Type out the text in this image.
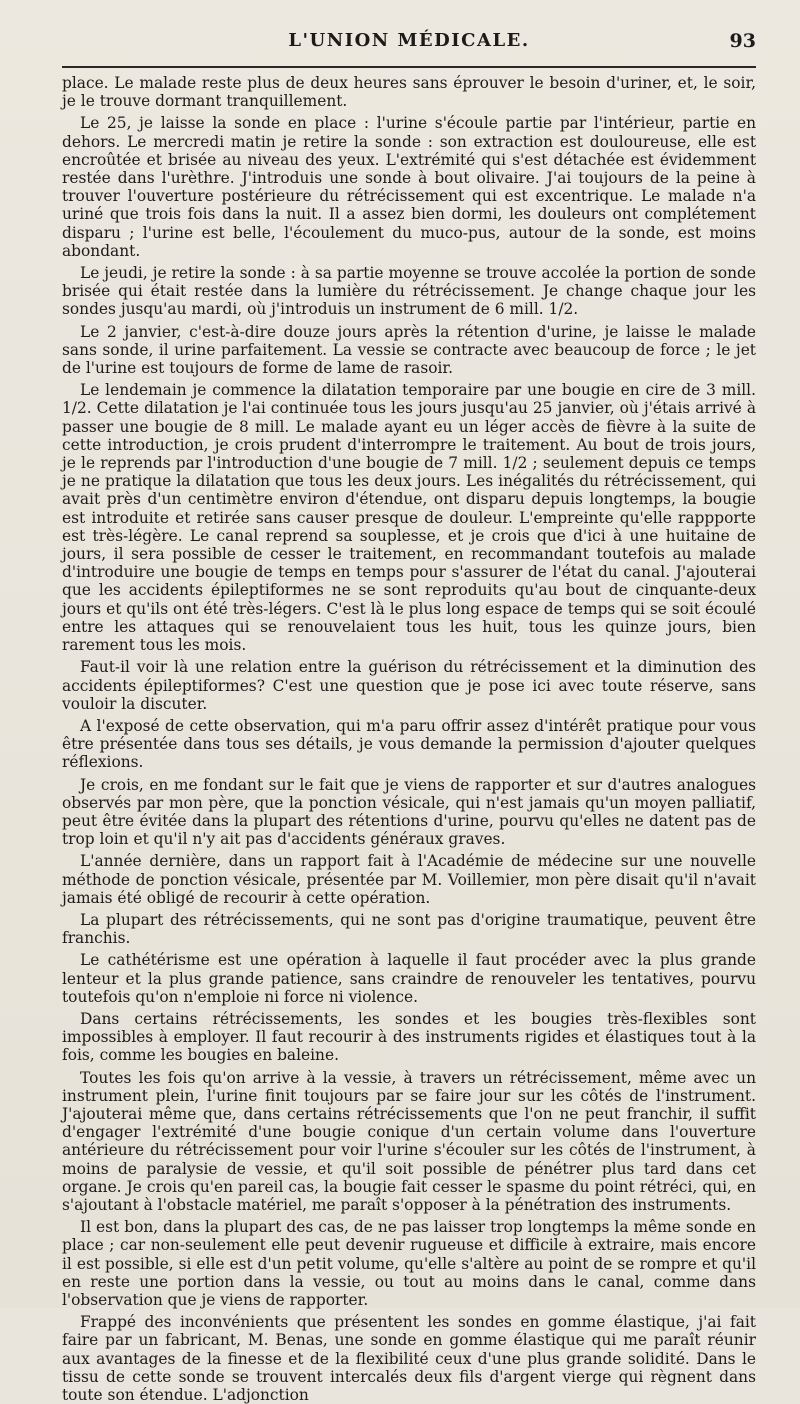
L'UNION MÉDICALE.	93

place. Le malade reste plus de deux heures sans éprouver le besoin d'uriner, et, le soir, je le trouve dormant tranquillement.

Le 25, je laisse la sonde en place : l'urine s'écoule partie par l'intérieur, partie en dehors. Le mercredi matin je retire la sonde : son extraction est douloureuse, elle est encroûtée et brisée au niveau des yeux. L'extrémité qui s'est détachée est évidemment restée dans l'urèthre. J'introduis une sonde à bout olivaire. J'ai toujours de la peine à trouver l'ouverture postérieure du rétrécissement qui est excentrique. Le malade n'a uriné que trois fois dans la nuit. Il a assez bien dormi, les douleurs ont complétement disparu ; l'urine est belle, l'écoulement du muco-pus, autour de la sonde, est moins abondant.

Le jeudi, je retire la sonde : à sa partie moyenne se trouve accolée la portion de sonde brisée qui était restée dans la lumière du rétrécissement. Je change chaque jour les sondes jusqu'au mardi, où j'introduis un instrument de 6 mill. 1/2.

Le 2 janvier, c'est-à-dire douze jours après la rétention d'urine, je laisse le malade sans sonde, il urine parfaitement. La vessie se contracte avec beaucoup de force ; le jet de l'urine est toujours de forme de lame de rasoir.

Le lendemain je commence la dilatation temporaire par une bougie en cire de 3 mill. 1/2. Cette dilatation je l'ai continuée tous les jours jusqu'au 25 janvier, où j'étais arrivé à passer une bougie de 8 mill. Le malade ayant eu un léger accès de fièvre à la suite de cette introduction, je crois prudent d'interrompre le traitement. Au bout de trois jours, je le reprends par l'introduction d'une bougie de 7 mill. 1/2 ; seulement depuis ce temps je ne pratique la dilatation que tous les deux jours. Les inégalités du rétrécissement, qui avait près d'un centimètre environ d'étendue, ont disparu depuis longtemps, la bougie est introduite et retirée sans causer presque de douleur. L'empreinte qu'elle rappporte est très-légère. Le canal reprend sa souplesse, et je crois que d'ici à une huitaine de jours, il sera possible de cesser le traitement, en recommandant toutefois au malade d'introduire une bougie de temps en temps pour s'assurer de l'état du canal. J'ajouterai que les accidents épileptiformes ne se sont reproduits qu'au bout de cinquante-deux jours et qu'ils ont été très-légers. C'est là le plus long espace de temps qui se soit écoulé entre les attaques qui se renouvelaient tous les huit, tous les quinze jours, bien rarement tous les mois.

Faut-il voir là une relation entre la guérison du rétrécissement et la diminution des accidents épileptiformes? C'est une question que je pose ici avec toute réserve, sans vouloir la discuter.

A l'exposé de cette observation, qui m'a paru offrir assez d'intérêt pratique pour vous être présentée dans tous ses détails, je vous demande la permission d'ajouter quelques réflexions.

Je crois, en me fondant sur le fait que je viens de rapporter et sur d'autres analogues observés par mon père, que la ponction vésicale, qui n'est jamais qu'un moyen palliatif, peut être évitée dans la plupart des rétentions d'urine, pourvu qu'elles ne datent pas de trop loin et qu'il n'y ait pas d'accidents généraux graves.

L'année dernière, dans un rapport fait à l'Académie de médecine sur une nouvelle méthode de ponction vésicale, présentée par M. Voillemier, mon père disait qu'il n'avait jamais été obligé de recourir à cette opération.

La plupart des rétrécissements, qui ne sont pas d'origine traumatique, peuvent être franchis.

Le cathétérisme est une opération à laquelle il faut procéder avec la plus grande lenteur et la plus grande patience, sans craindre de renouveler les tentatives, pourvu toutefois qu'on n'emploie ni force ni violence.

Dans certains rétrécissements, les sondes et les bougies très-flexibles sont impossibles à employer. Il faut recourir à des instruments rigides et élastiques tout à la fois, comme les bougies en baleine.

Toutes les fois qu'on arrive à la vessie, à travers un rétrécissement, même avec un instrument plein, l'urine finit toujours par se faire jour sur les côtés de l'instrument. J'ajouterai même que, dans certains rétrécissements que l'on ne peut franchir, il suffit d'engager l'extrémité d'une bougie conique d'un certain volume dans l'ouverture antérieure du rétrécissement pour voir l'urine s'écouler sur les côtés de l'instrument, à moins de paralysie de vessie, et qu'il soit possible de pénétrer plus tard dans cet organe. Je crois qu'en pareil cas, la bougie fait cesser le spasme du point rétréci, qui, en s'ajoutant à l'obstacle matériel, me paraît s'opposer à la pénétration des instruments.

Il est bon, dans la plupart des cas, de ne pas laisser trop longtemps la même sonde en place ; car non-seulement elle peut devenir rugueuse et difficile à extraire, mais encore il est possible, si elle est d'un petit volume, qu'elle s'altère au point de se rompre et qu'il en reste une portion dans la vessie, ou tout au moins dans le canal, comme dans l'observation que je viens de rapporter.

Frappé des inconvénients que présentent les sondes en gomme élastique, j'ai fait faire par un fabricant, M. Benas, une sonde en gomme élastique qui me paraît réunir aux avantages de la finesse et de la flexibilité ceux d'une plus grande solidité. Dans le tissu de cette sonde se trouvent intercalés deux fils d'argent vierge qui règnent dans toute son étendue. L'adjonction
